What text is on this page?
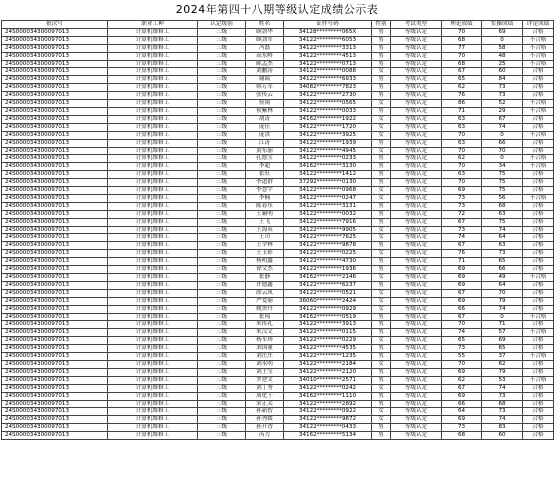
2024年第四十八期等级认定成绩公示表
批次号	职业工种	认定级别	姓名	证件号码	性别	考试类型	理论成绩	实操成绩	评定成绩
24S000034300097013	计算机维修工	三级	顾劲华	34128*********065X	男	等级认定	70	69	合格
24S000034300097013	计算机维修工	三级	顾劲军	34122*********6053	男	等级认定	68	0	不合格
24S000034300097013	计算机维修工	三级	冯磊	34122*********3313	男	等级认定	77	58	不合格
24S000034300097013	计算机维修工	三级	高东岭	34122*********4513	男	等级认定	70	48	不合格
24S000034300097013	计算机维修工	三级	陈孟杰	34122*********0713	男	等级认定	68	25	不合格
24S000034300097013	计算机维修工	三级	刘鹏涛	34122*********0088	女	等级认定	67	60	合格
24S000034300097013	计算机维修工	三级	谢瑞	34122*********6933	男	等级认定	65	84	合格
24S000034300097013	计算机维修工	三级	韩万军	34082*********7823	男	等级认定	62	73	合格
24S000034300097013	计算机维修工	三级	张传云	34122*********2730	男	等级认定	76	73	合格
24S000034300097013	计算机维修工	三级	侯闹	34122*********0565	女	等级认定	86	52	不合格
24S000034300097013	计算机维修工	三级	侯紫林	34122*********0033	男	等级认定	71	29	不合格
24S000034300097013	计算机维修工	三级	胡涛	34162*********1922	女	等级认定	63	67	合格
24S000034300097013	计算机维修工	三级	庞佳	34122*********1720	女	等级认定	63	74	合格
24S000034300097013	计算机维修工	三级	庞洪	34122*********3925	女	等级认定	70	0	不合格
24S000034300097013	计算机维修工	三级	江涛	34122*********1939	男	等级认定	63	66	合格
24S000034300097013	计算机维修工	三级	黄东丽	34122*********4945	女	等级认定	70	70	合格
24S000034300097013	计算机维修工	三级	孔德宝	34122*********0233	男	等级认定	62	0	不合格
24S000034300097013	计算机维修工	三级	李超	34162*********3130	男	等级认定	70	34	不合格
24S000034300097013	计算机维修工	三级	张旺	34122*********1412	男	等级认定	63	75	合格
24S000034300097013	计算机维修工	三级	李道群	37292*********0130	男	等级认定	70	75	合格
24S000034300097013	计算机维修工	三级	李慧宇	34122*********0968	女	等级认定	69	75	合格
24S000034300097013	计算机维修工	三级	李楠	34122*********0247	女	等级认定	73	56	不合格
24S000034300097013	计算机维修工	三级	陈春东	34122*********3131	男	等级认定	73	68	合格
24S000034300097013	计算机维修工	三级	王颖明	34122*********0032	男	等级认定	72	63	合格
24S000034300097013	计算机维修工	三级	王飞	34122*********7916	男	等级认定	67	75	合格
24S000034300097013	计算机维修工	三级	王海英	34122*********9905	女	等级认定	73	74	合格
24S000034300097013	计算机维修工	三级	王司	34122*********7625	女	等级认定	74	64	合格
24S000034300097013	计算机维修工	三级	王学林	34122*********9878	男	等级认定	67	63	合格
24S000034300097013	计算机维修工	三级	王玉彩	34122*********0225	女	等级认定	76	73	合格
24S000034300097013	计算机维修工	三级	杨明鑫	34122*********4730	男	等级认定	71	65	合格
24S000034300097013	计算机维修工	三级	徐文杰	34122*********1936	男	等级认定	69	66	合格
24S000034300097013	计算机维修工	三级	张静	34162*********2146	女	等级认定	69	49	不合格
24S000034300097013	计算机维修工	三级	许德鑫	34122*********6237	男	等级认定	69	64	合格
24S000034300097013	计算机维修工	三级	薛云凤	34122*********0521	女	等级认定	67	70	合格
24S000034300097013	计算机维修工	三级	严爱丽	36060*********2424	女	等级认定	69	79	合格
24S000034300097013	计算机维修工	三级	姚贵丹	34122*********0929	女	等级认定	66	74	合格
24S000034300097013	计算机维修工	三级	张闯	34162*********0519	男	等级认定	67	0	不合格
24S000034300097013	计算机维修工	三级	朱传礼	34122*********3913	男	等级认定	70	71	合格
24S000034300097013	计算机维修工	三级	朱汉文	34122*********0115	男	等级认定	74	57	不合格
24S000034300097013	计算机维修工	三级	杨军珍	34122*********0229	女	等级认定	65	69	合格
24S000034300097013	计算机维修工	三级	刘国董	34122*********4535	男	等级认定	73	65	合格
24S000034300097013	计算机维修工	三级	刘庄庄	34122*********1235	男	等级认定	55	37	不合格
24S000034300097013	计算机维修工	三级	刘永明	34122*********2184	女	等级认定	70	62	合格
24S000034300097013	计算机维修工	三级	刘王宝	34122*********2120	男	等级认定	69	79	合格
24S000034300097013	计算机维修工	三级	罗逆文	34010*********2571	男	等级认定	62	53	不合格
24S000034300097013	计算机维修工	三级	刘丁秀	34122*********0242	女	等级认定	67	74	合格
24S000034300097013	计算机维修工	三级	周化干	34162*********1110	男	等级认定	69	73	合格
24S000034300097013	计算机维修工	三级	宋正关	34122*********2892	男	等级认定	66	68	合格
24S000034300097013	计算机维修工	三级	孙新智	34122*********0922	女	等级认定	64	73	合格
24S000034300097013	计算机维修工	三级	孙秀媛	34122*********9872	女	等级认定	69	74	合格
24S000034300097013	计算机维修工	三级	孙开香	34122*********0433	男	等级认定	73	83	合格
24S000034300097013	计算机维修工	三级	芮力	34162*********5134	男	等级认定	68	60	合格
